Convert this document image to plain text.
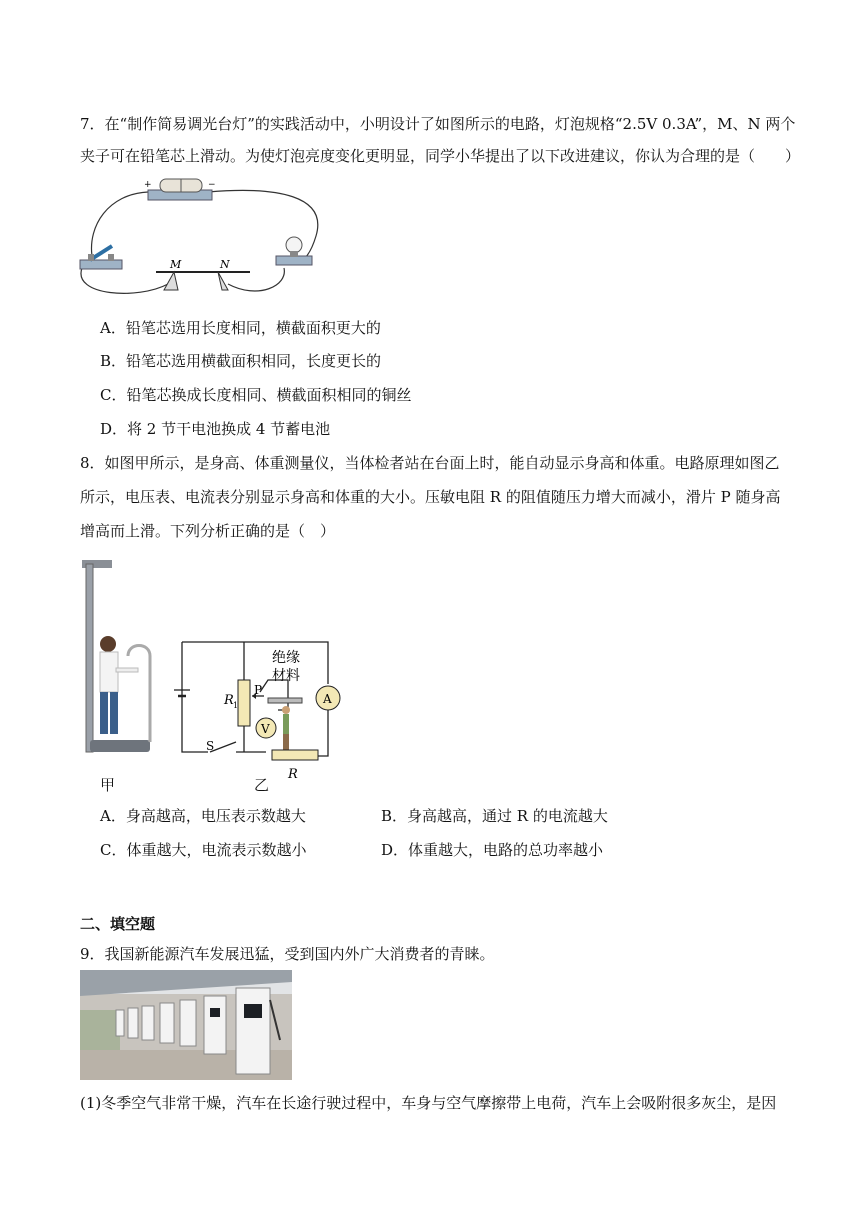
7．在“制作简易调光台灯”的实践活动中，小明设计了如图所示的电路，灯泡规格“2.5V 0.3A”，M、N 两个
夹子可在铅笔芯上滑动。为使灯泡亮度变化更明显，同学小华提出了以下改进建议，你认为合理的是（　　）
+	−
M	N
A．铅笔芯选用长度相同，横截面积更大的
B．铅笔芯选用横截面积相同，长度更长的
C．铅笔芯换成长度相同、横截面积相同的铜丝
D．将 2 节干电池换成 4 节蓄电池
8．如图甲所示，是身高、体重测量仪，当体检者站在台面上时，能自动显示身高和体重。电路原理如图乙
所示，电压表、电流表分别显示身高和体重的大小。压敏电阻 R 的阻值随压力增大而减小，滑片 P 随身高
增高而上滑。下列分析正确的是（　）
甲
R 1
P
绝缘
材料
V
R
A
S
乙
A．身高越高，电压表示数越大	B．身高越高，通过 R 的电流越大
C．体重越大，电流表示数越小	D．体重越大，电路的总功率越小
二、填空题
9．我国新能源汽车发展迅猛，受到国内外广大消费者的青睐。
(1)冬季空气非常干燥，汽车在长途行驶过程中，车身与空气摩擦带上电荷，汽车上会吸附很多灰尘，是因
